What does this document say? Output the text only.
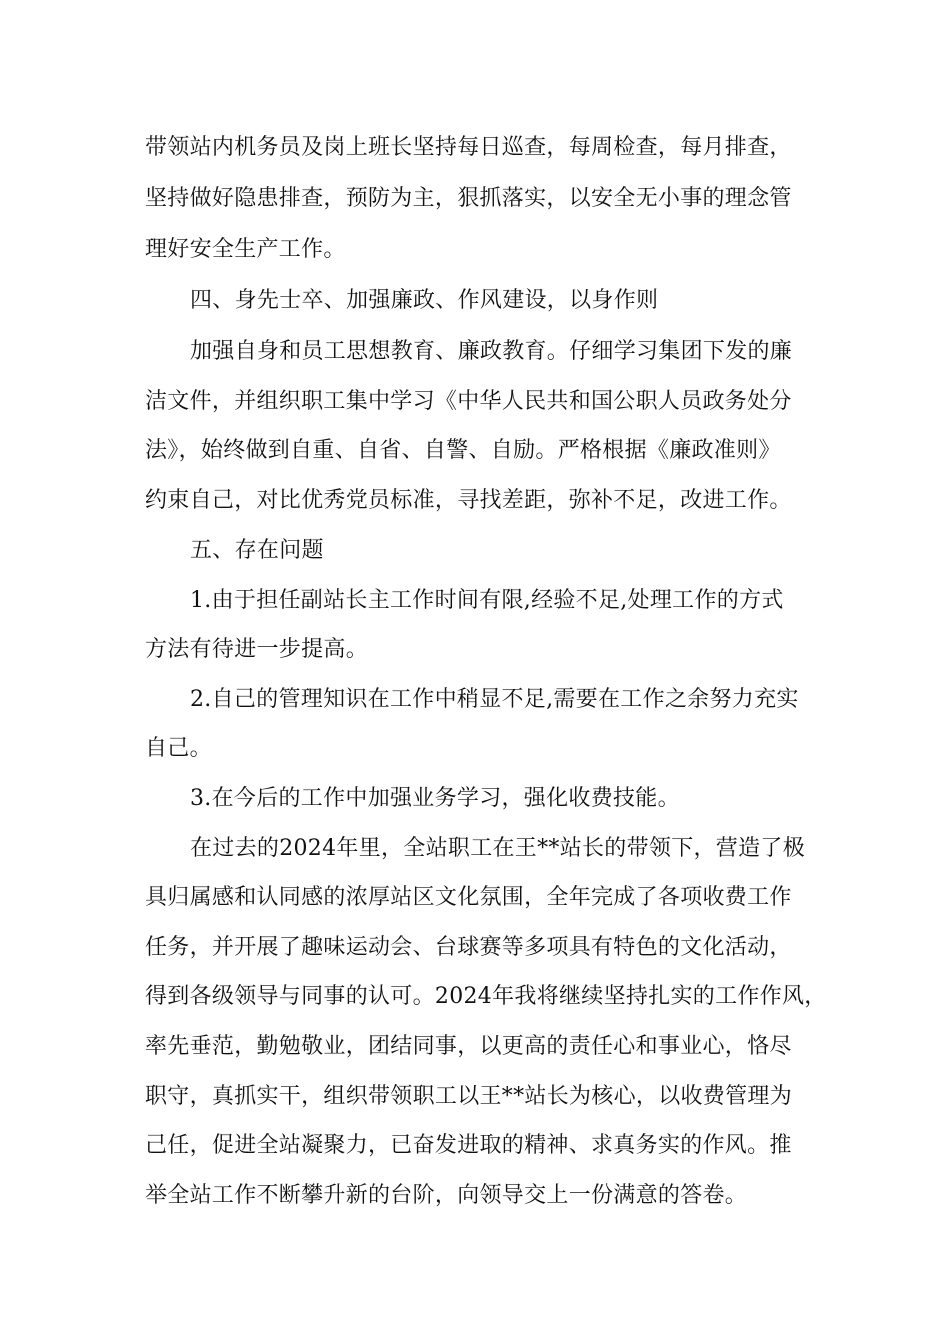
带领站内机务员及岗上班长坚持每日巡查，每周检查，每月排查，
坚持做好隐患排查，预防为主，狠抓落实，以安全无小事的理念管
理好安全生产工作。
四、身先士卒、加强廉政、作风建设，以身作则
加强自身和员工思想教育、廉政教育。仔细学习集团下发的廉
洁文件，并组织职工集中学习《中华人民共和国公职人员政务处分
法》，始终做到自重、自省、自警、自励。严格根据《廉政准则》
约束自己，对比优秀党员标准，寻找差距，弥补不足，改进工作。
五、存在问题
1.由于担任副站长主工作时间有限,经验不足,处理工作的方式
方法有待进一步提高。
2.自己的管理知识在工作中稍显不足,需要在工作之余努力充实
自己。
3.在今后的工作中加强业务学习，强化收费技能。
在过去的2024年里，全站职工在王**站长的带领下，营造了极
具归属感和认同感的浓厚站区文化氛围，全年完成了各项收费工作
任务，并开展了趣味运动会、台球赛等多项具有特色的文化活动，
得到各级领导与同事的认可。2024年我将继续坚持扎实的工作作风，
率先垂范，勤勉敬业，团结同事，以更高的责任心和事业心，恪尽
职守，真抓实干，组织带领职工以王**站长为核心，以收费管理为
己任，促进全站凝聚力，已奋发进取的精神、求真务实的作风。推
举全站工作不断攀升新的台阶，向领导交上一份满意的答卷。
